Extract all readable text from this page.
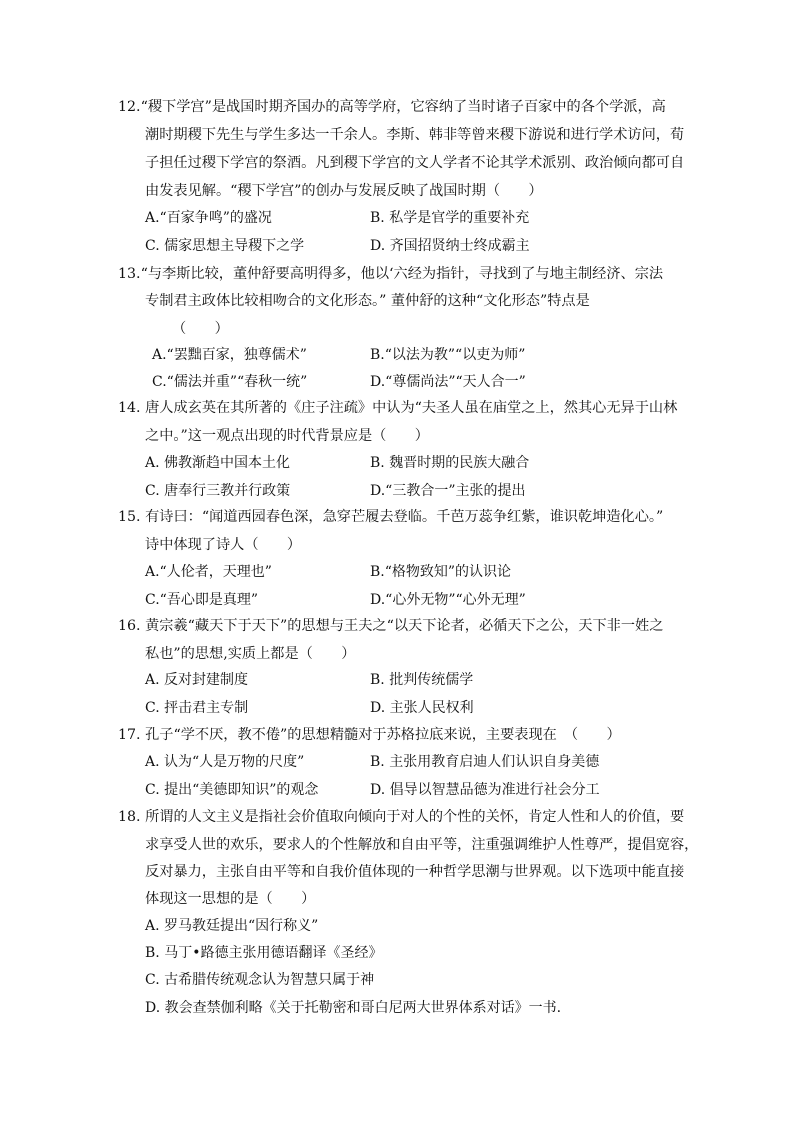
12.“稷下学宫”是战国时期齐国办的高等学府，它容纳了当时诸子百家中的各个学派，高
潮时期稷下先生与学生多达一千余人。李斯、韩非等曾来稷下游说和进行学术访问，荀
子担任过稷下学宫的祭酒。凡到稷下学宫的文人学者不论其学术派别、政治倾向都可自
由发表见解。“稷下学宫”的创办与发展反映了战国时期（　　）
A.“百家争鸣”的盛况	B. 私学是官学的重要补充
C. 儒家思想主导稷下之学	D. 齐国招贤纳士终成霸主
13.“与李斯比较，董仲舒要高明得多，他以‘六经为指针，寻找到了与地主制经济、宗法
专制君主政体比较相吻合的文化形态。” 董仲舒的这种“文化形态”特点是
（　　）
A.“罢黜百家，独尊儒术”	B.“以法为教”“以吏为师”
C.“儒法并重”“春秋一统”	D.“尊儒尚法”“天人合一”
14. 唐人成玄英在其所著的《庄子注疏》中认为“夫圣人虽在庙堂之上，然其心无异于山林
之中。”这一观点出现的时代背景应是（　　）
A. 佛教渐趋中国本土化	B. 魏晋时期的民族大融合
C. 唐奉行三教并行政策	D.“三教合一”主张的提出
15. 有诗曰：“闻道西园春色深，急穿芒履去登临。千芭万蕊争红紫，谁识乾坤造化心。”
诗中体现了诗人（　　）
A.“人伦者，天理也”	B.“格物致知”的认识论
C.“吾心即是真理”	D.“心外无物”“心外无理”
16. 黄宗羲“藏天下于天下”的思想与王夫之“以天下论者，必循天下之公，天下非一姓之
私也”的思想,实质上都是（　　）
A. 反对封建制度	B. 批判传统儒学
C. 抨击君主专制	D. 主张人民权利
17. 孔子“学不厌，教不倦”的思想精髓对于苏格拉底来说，主要表现在　（　　）
A. 认为“人是万物的尺度”	B. 主张用教育启迪人们认识自身美德
C. 提出“美德即知识”的观念	D. 倡导以智慧品德为准进行社会分工
18. 所谓的人文主义是指社会价值取向倾向于对人的个性的关怀，肯定人性和人的价值，要
求享受人世的欢乐，要求人的个性解放和自由平等，注重强调维护人性尊严，提倡宽容，
反对暴力，主张自由平等和自我价值体现的一种哲学思潮与世界观。以下选项中能直接
体现这一思想的是（　　）
A. 罗马教廷提出“因行称义”
B. 马丁•路德主张用德语翻译《圣经》
C. 古希腊传统观念认为智慧只属于神
D. 教会查禁伽利略《关于托勒密和哥白尼两大世界体系对话》一书.
